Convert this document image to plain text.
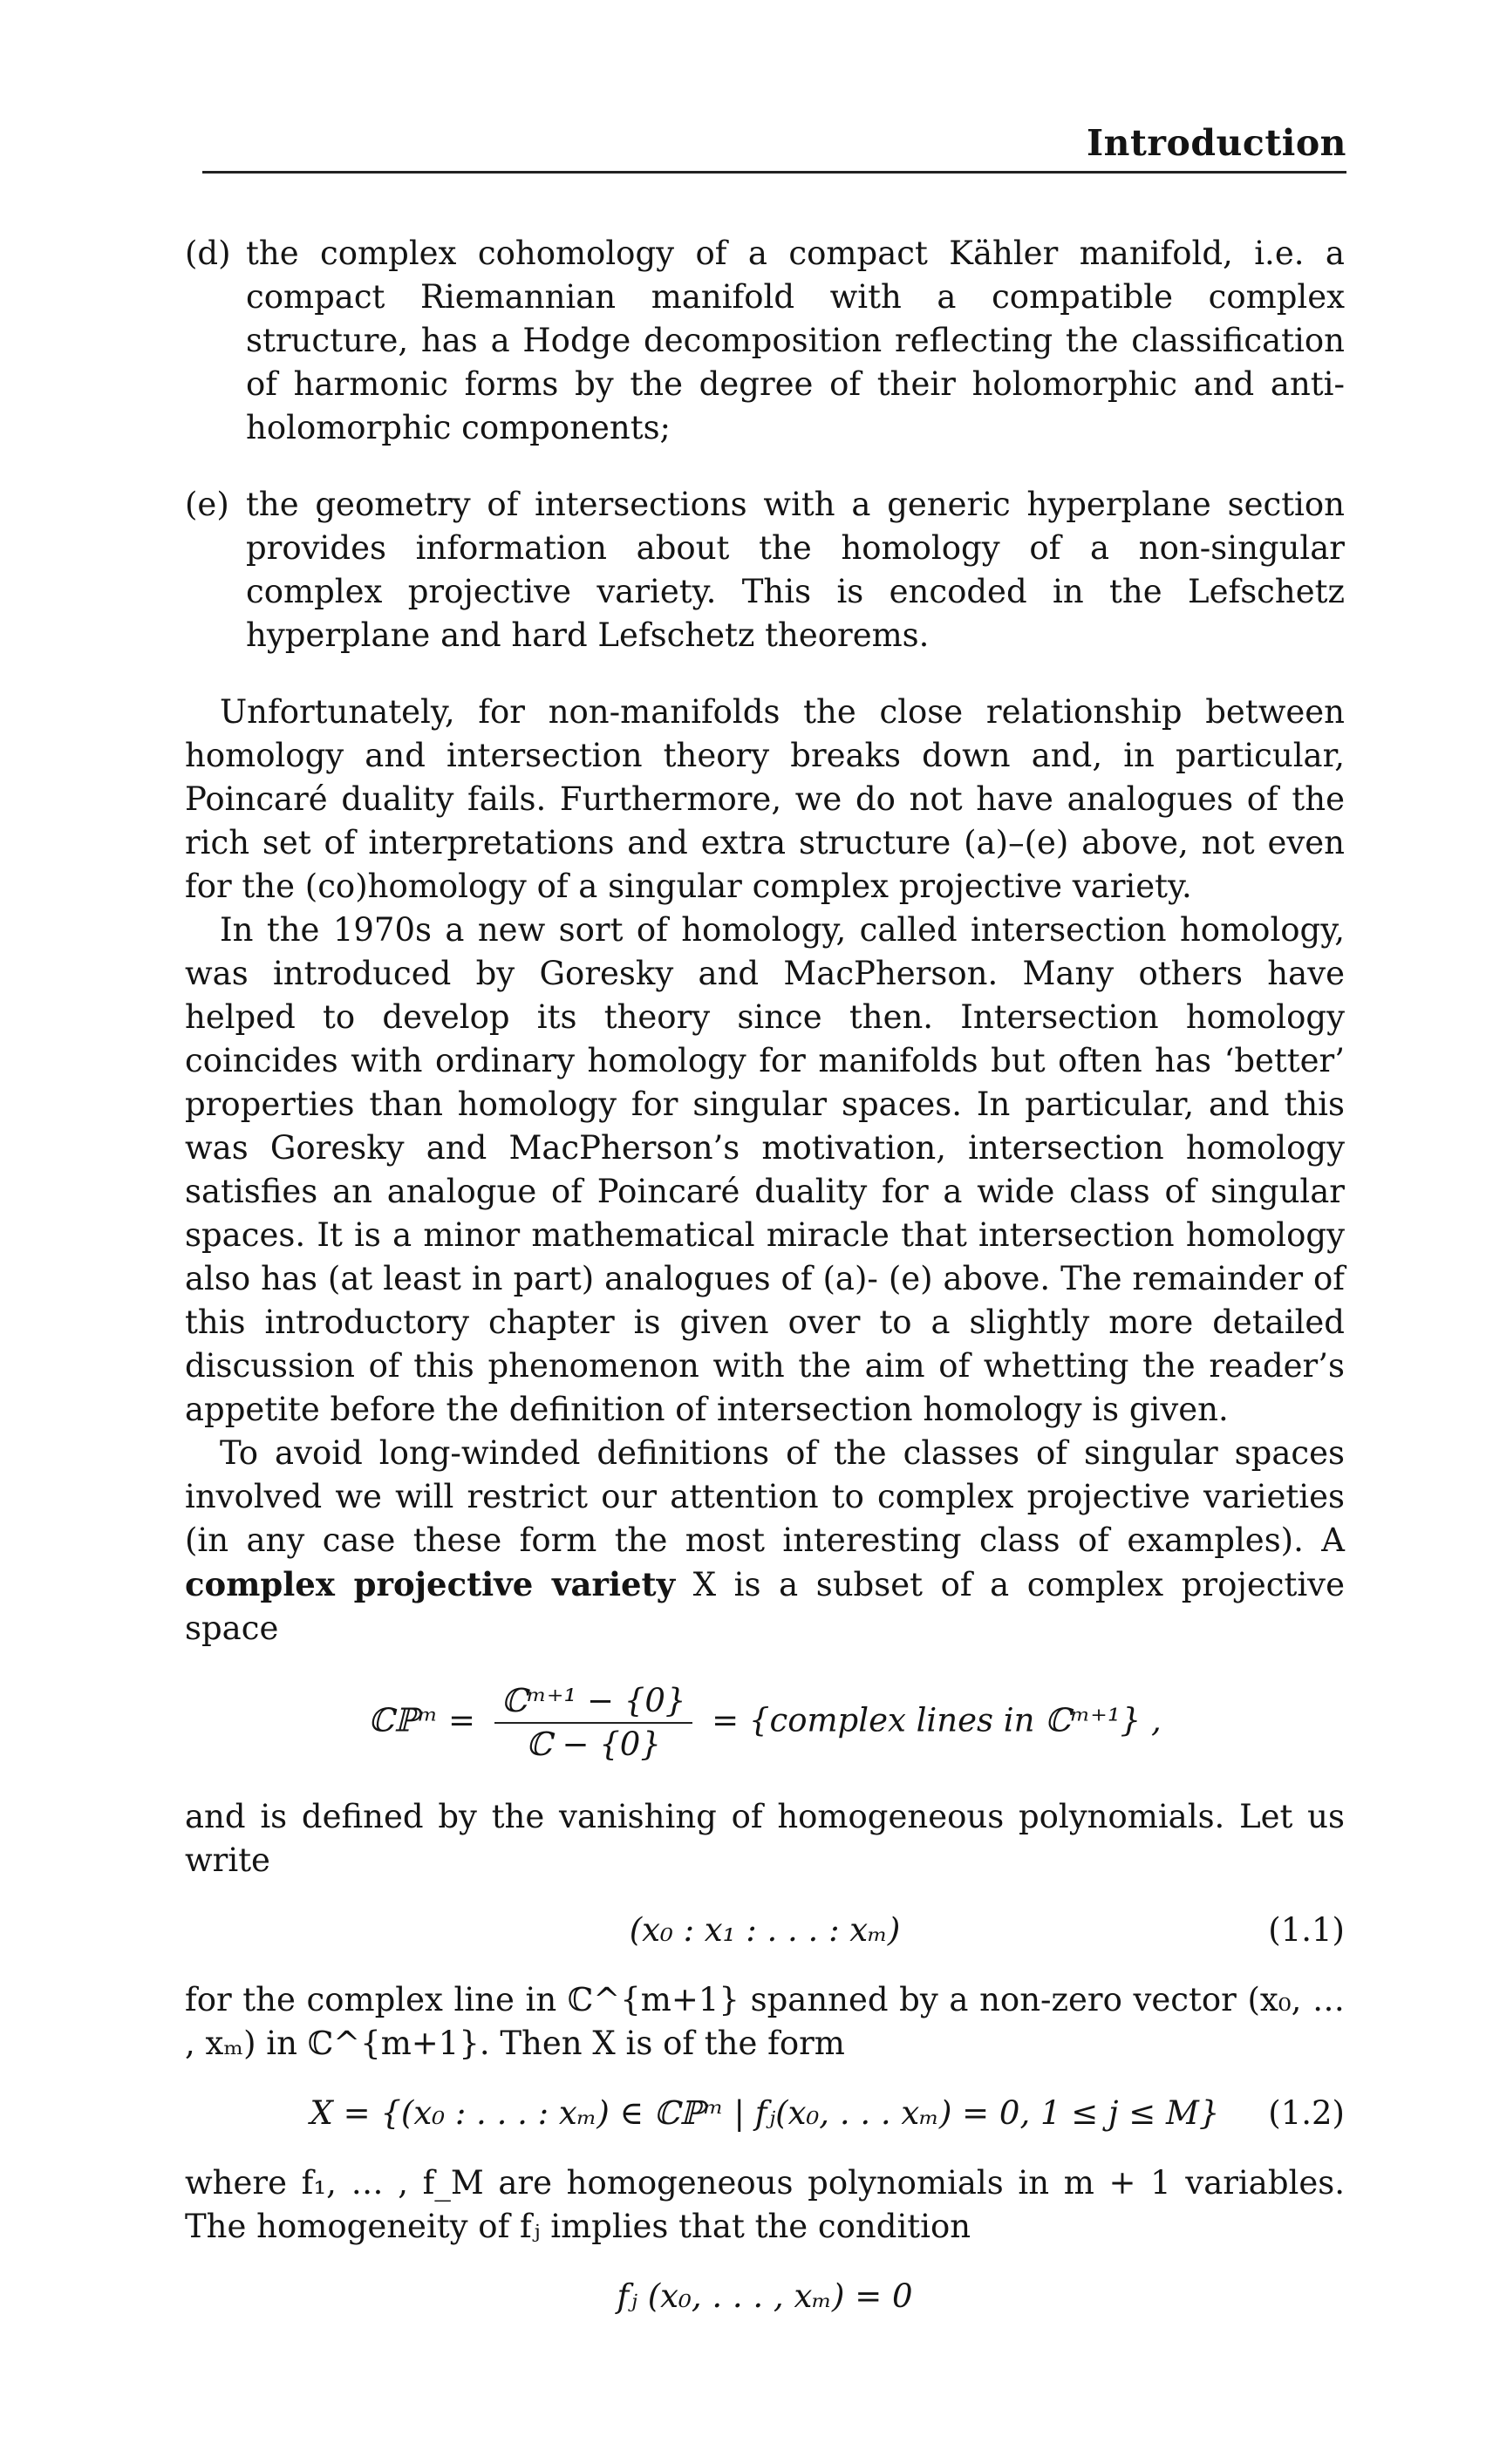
Introduction
(d) the complex cohomology of a compact Kähler manifold, i.e. a compact Riemannian manifold with a compatible complex structure, has a Hodge decomposition reflecting the classification of harmonic forms by the degree of their holomorphic and anti-holomorphic components;
(e) the geometry of intersections with a generic hyperplane section provides information about the homology of a non-singular complex projective variety. This is encoded in the Lefschetz hyperplane and hard Lefschetz theorems.
Unfortunately, for non-manifolds the close relationship between homology and intersection theory breaks down and, in particular, Poincaré duality fails. Furthermore, we do not have analogues of the rich set of interpretations and extra structure (a)–(e) above, not even for the (co)homology of a singular complex projective variety.
In the 1970s a new sort of homology, called intersection homology, was introduced by Goresky and MacPherson. Many others have helped to develop its theory since then. Intersection homology coincides with ordinary homology for manifolds but often has ‘better’ properties than homology for singular spaces. In particular, and this was Goresky and MacPherson’s motivation, intersection homology satisfies an analogue of Poincaré duality for a wide class of singular spaces. It is a minor mathematical miracle that intersection homology also has (at least in part) analogues of (a)- (e) above. The remainder of this introductory chapter is given over to a slightly more detailed discussion of this phenomenon with the aim of whetting the reader’s appetite before the definition of intersection homology is given.
To avoid long-winded definitions of the classes of singular spaces involved we will restrict our attention to complex projective varieties (in any case these form the most interesting class of examples). A complex projective variety X is a subset of a complex projective space
ℂℙᵐ = $\frac{\text{ℂᵐ⁺¹ − \{0\}}}{\text{ℂ − \{0\}}}$ = {complex lines in ℂᵐ⁺¹} ,
and is defined by the vanishing of homogeneous polynomials. Let us write
(x₀ : x₁ : . . . : xₘ)	(1.1)
for the complex line in ℂ^{m+1} spanned by a non-zero vector (x₀, … , xₘ) in ℂ^{m+1}. Then X is of the form
X = {(x₀ : . . . : xₘ) ∈ ℂℙᵐ | fⱼ(x₀, . . . xₘ) = 0, 1 ≤ j ≤ M} (1.2)
where f₁, … , f_M are homogeneous polynomials in m + 1 variables. The homogeneity of fⱼ implies that the condition
fⱼ (x₀, . . . , xₘ) = 0
